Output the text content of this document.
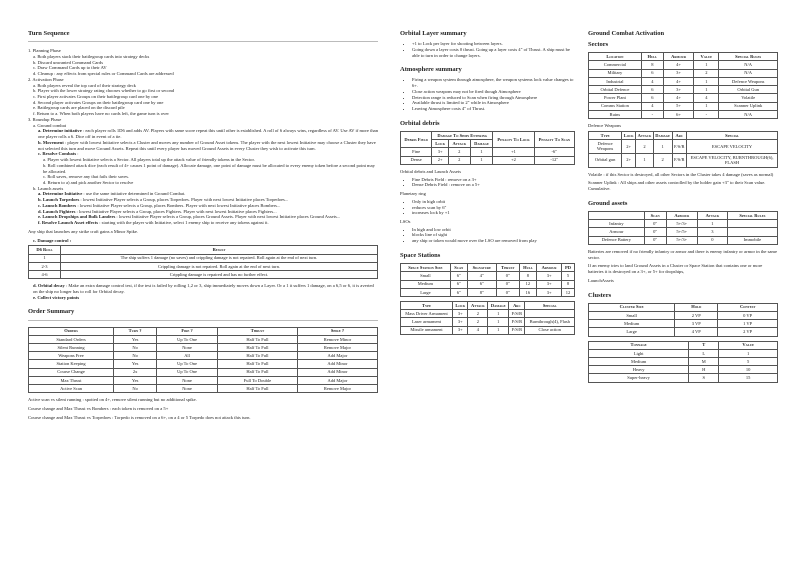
Turn Sequence

1. Planning Phase

a. Both players stack their battlegroup cards into strategy decks

b. Discard unwanted Command Cards

c. Draw Command Cards up to their AV

d. Cleanup : any effects from special rules or Command Cards are addressed

2. Activation Phase

a. Both players reveal the top card of their strategy deck

b. Player with the lower strategy rating chooses whether to go first or second

c. First player activates Groups on their battlegroup card one by one

d. Second player activates Groups on their battlegroup card one by one

e. Battlegroup cards are placed on the discard pile

f. Return to a. When both players have no cards left, the game turn is over

3. Roundup Phase

a. Ground combat

a. Determine initiative : each player rolls 1D6 and adds AV. Players with same score repeat this until other is established. A roll of 6 always wins, regardless of AV. Use AV if more than one player rolls a 6. Dice off in event of a tie.

b. Movement : player with lowest Initiative selects a Cluster and moves any number of Ground Asset tokens. The player with the next lowest Initiative may choose a Cluster they have not selected this turn and move Ground Assets. Repeat this until every player has moved Ground Assets in every Cluster they wish to activate this turn.

c. Resolve Combats :

a. Player with lowest Initiative selects a Sector. All players total up the attack value of friendly tokens in the Sector.

b. Roll combined attack dice (each result of 4+ causes 1 point of damage). Allocate damage, one point of damage must be allocated to every enemy token before a second point may be allocated.

c. Roll saves, remove any that fails their saves.

d. Return to a) and pick another Sector to resolve

b. Launch assets

a. Determine Initiative : use the same initiative determined in Ground Combat.

b. Launch Torpedoes : lowest Initiative Player selects a Group, places Torpedoes. Player with next lowest Initiative places Torpedoes...

c. Launch Bombers : lowest Initiative Player selects a Group, places Bombers. Player with next lowest Initiative places Bombers...

d. Launch Fighters : lowest Initiative Player selects a Group, places Fighters. Player with next lowest Initiative places Fighters...

e. Launch Dropships and Bulk Landers : lowest Initiative Player selects a Group, places Ground Assets. Player with next lowest Initiative places Ground Assets...

f. Resolve Launch Asset effects : starting with the player with Initiative, select 1 enemy ship to receive any tokens against it.

Any ship that launches any strike craft gains a Minor Spike.

c. Damage control :

D6 Roll	Result
1	The ship suffers 1 damage (no saves) and crippling damage is not repaired. Roll again at the end of next turn.
2-3	Crippling damage is not repaired. Roll again at the end of next turn.
4-6	Crippling damage is repaired and has no further effect.

d. Orbital decay : Make an extra damage control test, if the test is failed by rolling 1,2 or 3, ship immediately moves down a Layer. Or a 1 it suffers 1 damage, on a 6,5 or 6, it is averted on the ship no longer has to roll for Orbital decay.

e. Collect victory points

Order Summary
Orders	Turn ?	Fire ?	Thrust	Spike ?
Standard Orders	Yes	Up To One	Half To Full	Remove Minor
Silent Running	No	None	Half To Full	Remove Major
Weapons Free	No	All	Half To Full	Add Major
Station Keeping	Yes	Up To One	Half To Full	Add Minor
Course Change	2x	Up To One	Half To Full	Add Minor
Max Thrust	Yes	None	Full To Double	Add Major
Active Scan	No	None	Half To Full	Remove Major

Active scan vs silent running : spotted on 4+, remove silent running but no additional spike.

Course change and Max Thrust vs Bombers : each token is removed on a 5+

Course change and Max Thrust vs Torpedoes : Torpedo is removed on a 6+, on a 4 or 5 Torpedo does not attack this turn.

Orbital Layer summary
• +1 to Lock per layer for shooting between layers.
• Going down a layer costs 0 thrust. Going up a layer costs 4" of Thrust. A ship must be able to turn in order to change layers.
Atmosphere summary
• Firing a weapon system through atmosphere, the weapon systems lock value changes to 6+.
• Close action weapons may not be fired though Atmosphere
• Detection range is reduced to Scan when firing through Atmosphere
• Available thrust is limited to 2" while in Atmosphere
• Leaving Atmosphere costs 4" of Thrust.
Orbital debris
Debris Field	Damage To Ships Entering			Penalty To Lock	Penalty To Scan
	Lock	Attack	Damage		
Fine	3+	2	1	+1	-6"
Dense	2+	2	1	+2	-12"

Orbital debris and Launch Assets

• Fine Debris Field : remove on a 3+
• Dense Debris Field : remove on a 5+

Planetary ring

• Only in high orbit
• reduces scan by 6"
• increases lock by +1

LSOs

• In high and low orbit
• blocks line of sight
• any ship or token would move over the LSO are removed from play
Space Stations
Space Station Size	Scan	Signature	Thrust	Hull	Armour	PD
Small	6"	4"	0"	8	3+	5
Medium	6"	6"	0"	12	3+	8
Large	6"	8"	0"	16	3+	12
Type	Lock	Attack	Damage	Arc	Special
Mass Driver Armament	3+	2	1	F/S/R	
Laser armament	3+	2	1	F/S/R	Burnthrough(4), Flash
Missile armament	3+	4	1	F/S/R	Close action
Ground Combat Activation
Sectors
Location	Hull	Armour	Value	Special Rules
Commercial	8	4+	1	N/A
Military	6	3+	2	N/A
Industrial	4	4+	1	Defence Weapons
Orbital Defence	6	3+	1	Orbital Gun
Power Plant	6	4+	4	Volatile
Comms Station	4	5+	1	Scanner Uplink
Ruins	-	6+	-	N/A

Defence Weapons

Type	Lock	Attack	Damage	Arc	Special
Defence Weapons	2+	2	1	F/S/R	ESCAPE VELOCITY
Orbital gun	2+	1	2	F/S/R	ESCAPE VELOCITY, BURNTHROUGH(6), FLASH

Volatile : if this Sector is destroyed, all other Sectors in the Cluster takes 4 damage (saves as normal)

Scanner Uplink : All ships and other assets controlled by the holder gain +3" to their Scan value. Cumulative.

Ground assets
	Scan	Armour	Attack	Special Rules
Infantry	0"	5+/3+	1	
Armour	0"	5+/5+	3	
Defence Battery	0"	5+/3+	0	Immobile

Batteries are removed if no friendly infantry or armor and there is enemy infantry or armor in the same sector.

If an enemy tries to land Ground Assets in a Cluster or Space Station that contains one or more batteries it is destroyed on a 3+, or 5+ for dropships,

LaunchAssets

Clusters
Cluster Size	Hold	Contest
Small	2 VP	0 VP
Medium	3 VP	1 VP
Large	4 VP	2 VP
Tonnage	T	Value
Light	L	1
Medium	M	5
Heavy	H	10
Super-heavy	S	15
